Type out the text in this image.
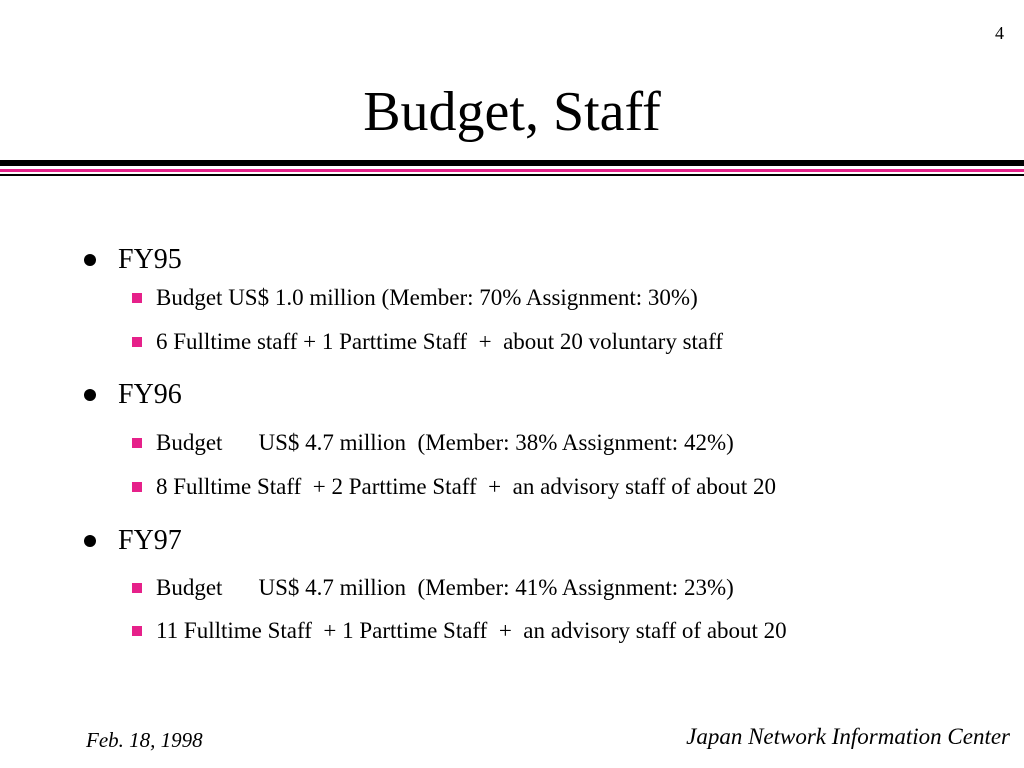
4
Budget, Staff
FY95
Budget US$ 1.0 million (Member: 70% Assignment: 30%)
6 Fulltime staff + 1 Parttime Staff  +  about 20 voluntary staff
FY96
Budget US$ 4.7 million  (Member: 38% Assignment: 42%)
8 Fulltime Staff  + 2 Parttime Staff  +  an advisory staff of about 20
FY97
Budget US$ 4.7 million  (Member: 41% Assignment: 23%)
11 Fulltime Staff  + 1 Parttime Staff  +  an advisory staff of about 20
Feb. 18, 1998	Japan Network Information Center
